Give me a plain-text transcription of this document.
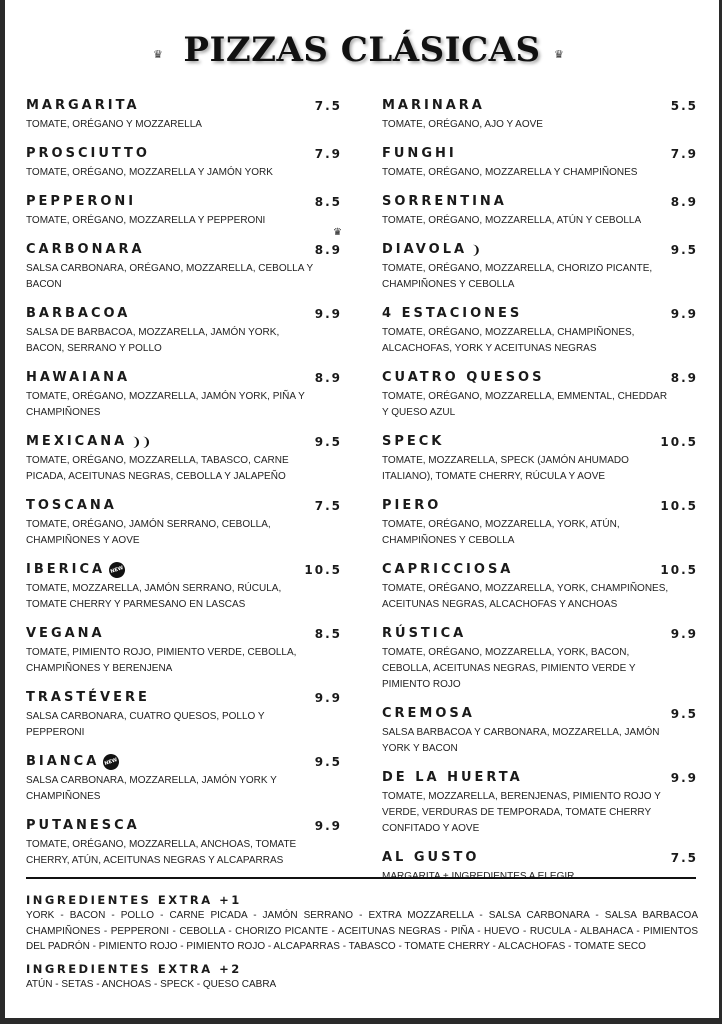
♛ PIZZAS CLÁSICAS	♛
MARGARITA	7.5
TOMATE, ORÉGANO Y MOZZARELLA
PROSCIUTTO	7.9
TOMATE, ORÉGANO, MOZZARELLA Y JAMÓN YORK
PEPPERONI	8.5
♛
TOMATE, ORÉGANO, MOZZARELLA Y PEPPERONI
CARBONARA	8.9
SALSA CARBONARA, ORÉGANO, MOZZARELLA, CEBOLLA Y BACON
BARBACOA	9.9
SALSA DE BARBACOA, MOZZARELLA, JAMÓN YORK, BACON, SERRANO Y POLLO
HAWAIANA	8.9
TOMATE, ORÉGANO, MOZZARELLA, JAMÓN YORK, PIÑA Y CHAMPIÑONES
MEXICANA ❩❩	9.5
TOMATE, ORÉGANO, MOZZARELLA, TABASCO, CARNE PICADA, ACEITUNAS NEGRAS, CEBOLLA Y JALAPEÑO
TOSCANA	7.5
TOMATE, ORÉGANO, JAMÓN SERRANO, CEBOLLA, CHAMPIÑONES Y AOVE
IBERICA NEW	10.5
TOMATE, MOZZARELLA, JAMÓN SERRANO, RÚCULA, TOMATE CHERRY Y PARMESANO EN LASCAS
VEGANA	8.5
TOMATE, PIMIENTO ROJO, PIMIENTO VERDE, CEBOLLA, CHAMPIÑONES Y BERENJENA
TRASTÉVERE	9.9
SALSA CARBONARA, CUATRO QUESOS, POLLO Y PEPPERONI
BIANCA NEW	9.5
SALSA CARBONARA, MOZZARELLA, JAMÓN YORK Y CHAMPIÑONES
PUTANESCA	9.9
TOMATE, ORÉGANO, MOZZARELLA, ANCHOAS, TOMATE CHERRY, ATÚN, ACEITUNAS NEGRAS Y ALCAPARRAS
MARINARA	5.5
TOMATE, ORÉGANO, AJO Y AOVE
FUNGHI	7.9
TOMATE, ORÉGANO, MOZZARELLA Y CHAMPIÑONES
SORRENTINA	8.9
TOMATE, ORÉGANO, MOZZARELLA, ATÚN Y CEBOLLA
DIAVOLA ❩	9.5
TOMATE, ORÉGANO, MOZZARELLA, CHORIZO PICANTE, CHAMPIÑONES Y CEBOLLA
4 ESTACIONES	9.9
TOMATE, ORÉGANO, MOZZARELLA, CHAMPIÑONES, ALCACHOFAS, YORK Y ACEITUNAS NEGRAS
CUATRO QUESOS	8.9
TOMATE, ORÉGANO, MOZZARELLA, EMMENTAL, CHEDDAR Y QUESO AZUL
SPECK	10.5
TOMATE, MOZZARELLA, SPECK (JAMÓN AHUMADO ITALIANO), TOMATE CHERRY, RÚCULA Y AOVE
PIERO	10.5
TOMATE, ORÉGANO, MOZZARELLA, YORK, ATÚN, CHAMPIÑONES Y CEBOLLA
CAPRICCIOSA	10.5
TOMATE, ORÉGANO, MOZZARELLA, YORK, CHAMPIÑONES, ACEITUNAS NEGRAS, ALCACHOFAS Y ANCHOAS
RÚSTICA	9.9
TOMATE, ORÉGANO, MOZZARELLA, YORK, BACON, CEBOLLA, ACEITUNAS NEGRAS, PIMIENTO VERDE Y PIMIENTO ROJO
CREMOSA	9.5
SALSA BARBACOA Y CARBONARA, MOZZARELLA, JAMÓN YORK Y BACON
DE LA HUERTA	9.9
TOMATE, MOZZARELLA, BERENJENAS, PIMIENTO ROJO Y VERDE, VERDURAS DE TEMPORADA, TOMATE CHERRY CONFITADO Y AOVE
AL GUSTO	7.5
INGREDIENTES EXTRA +1

YORK - BACON - POLLO - CARNE PICADA - JAMÓN SERRANO - EXTRA MOZZARELLA - SALSA CARBONARA - SALSA BARBACOA CHAMPIÑONES - PEPPERONI - CEBOLLA - CHORIZO PICANTE - ACEITUNAS NEGRAS - PIÑA - HUEVO - RUCULA - ALBAHACA - PIMIENTOS DEL PADRÓN - PIMIENTO ROJO - PIMIENTO ROJO - ALCAPARRAS - TABASCO - TOMATE CHERRY - ALCACHOFAS - TOMATE SECO

INGREDIENTES EXTRA +2

ATÚN - SETAS - ANCHOAS - SPECK - QUESO CABRA
